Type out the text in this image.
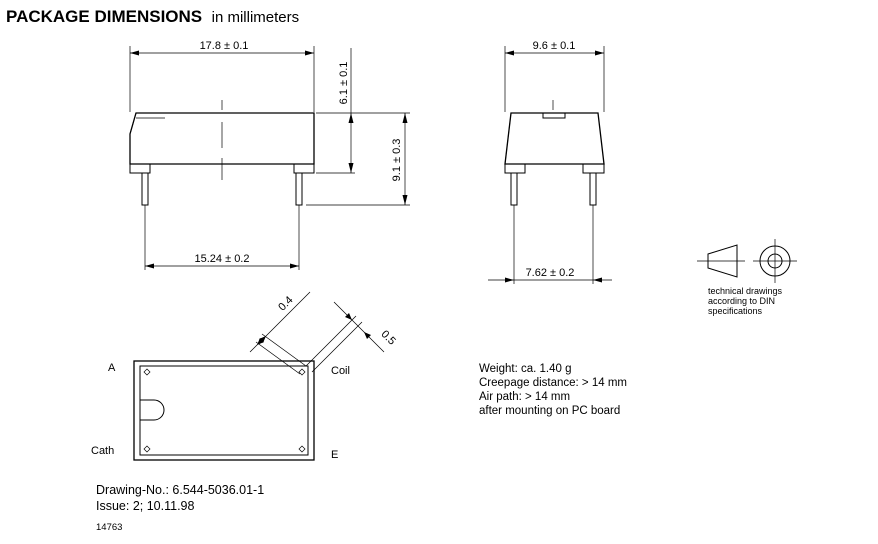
PACKAGE DIMENSIONS in millimeters
17.8 ± 0.1
15.24 ± 0.2
6.1 ± 0.1
9.1 ± 0.3
9.6 ± 0.1
7.62 ± 0.2
technical drawings
according to DIN
specifications
0.4
0.5
A
Cath
Coil
E
Weight: ca. 1.40 g
Creepage distance: > 14 mm
Air path: > 14 mm
after mounting on PC board
Drawing-No.: 6.544-5036.01-1
Issue: 2; 10.11.98
14763
